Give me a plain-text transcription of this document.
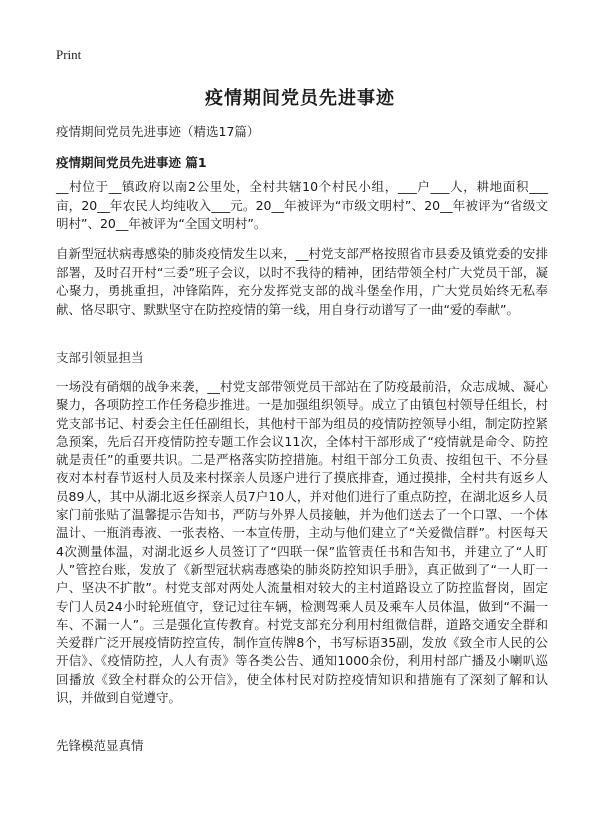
Print
疫情期间党员先进事迹

疫情期间党员先进事迹（精选17篇）

疫情期间党员先进事迹 篇1

__村位于__镇政府以南2公里处，全村共辖10个村民小组，___户___人，耕地面积___亩，20__年农民人均纯收入___元。20__年被评为“市级文明村”、20__年被评为“省级文明村”、20__年被评为“全国文明村”。

自新型冠状病毒感染的肺炎疫情发生以来，__村党支部严格按照省市县委及镇党委的安排部署，及时召开村“三委”班子会议，以时不我待的精神，团结带领全村广大党员干部，凝心聚力，勇挑重担，冲锋陷阵，充分发挥党支部的战斗堡垒作用，广大党员始终无私奉献、恪尽职守、默默坚守在防控疫情的第一线，用自身行动谱写了一曲“爱的奉献”。

支部引领显担当

一场没有硝烟的战争来袭，__村党支部带领党员干部站在了防疫最前沿，众志成城、凝心聚力，各项防控工作任务稳步推进。一是加强组织领导。成立了由镇包村领导任组长，村党支部书记、村委会主任任副组长，其他村干部为组员的疫情防控领导小组，制定防控紧急预案，先后召开疫情防控专题工作会议11次，全体村干部形成了“疫情就是命令、防控就是责任”的重要共识。二是严格落实防控措施。村组干部分工负责、按组包干、不分昼夜对本村春节返村人员及来村探亲人员逐户进行了摸底排查，通过摸排，全村共有返乡人员89人，其中从湖北返乡探亲人员7户10人，并对他们进行了重点防控，在湖北返乡人员家门前张贴了温馨提示告知书，严防与外界人员接触，并为他们送去了一个口罩、一个体温计、一瓶消毒液、一张表格、一本宣传册，主动与他们建立了“关爱微信群”。村医每天4次测量体温，对湖北返乡人员签订了“四联一保”监管责任书和告知书，并建立了“人盯人”管控台账，发放了《新型冠状病毒感染的肺炎防控知识手册》，真正做到了“一人盯一户、坚决不扩散”。村党支部对两处人流量相对较大的主村道路设立了防控监督岗，固定专门人员24小时轮班值守，登记过往车辆，检测驾乘人员及乘车人员体温，做到“不漏一车、不漏一人”。三是强化宣传教育。村党支部充分利用村组微信群，道路交通安全群和关爱群广泛开展疫情防控宣传，制作宣传牌8个，书写标语35副，发放《致全市人民的公开信》、《疫情防控，人人有责》等各类公告、通知1000余份，利用村部广播及小喇叭巡回播放《致全村群众的公开信》，使全体村民对防控疫情知识和措施有了深刻了解和认识，并做到自觉遵守。

先锋模范显真情
